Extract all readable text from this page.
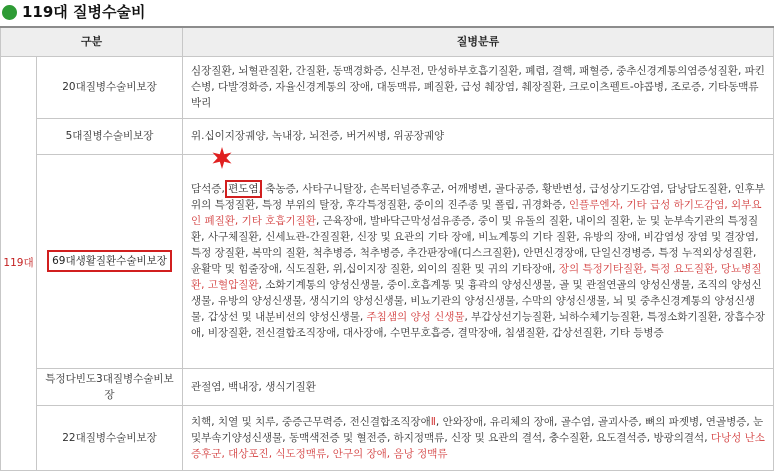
119대 질병수술비
구분		질병분류
119대	20대질병수술비보장	심장질환, 뇌혈관질환, 간질환, 동맥경화증, 신부전, 만성하부호흡기질환, 폐렴, 결핵, 패혈증, 중추신경계통의염증성질환, 파킨슨병, 다발경화증, 자율신경계통의 장애, 대동맥류, 폐질환, 급성 췌장염, 췌장질환, 크로이츠펠트-야콥병, 조로증, 기타동맥류 박리
	5대질병수술비보장	위.십이지장궤양, 녹내장, 뇌전증, 버거씨병, 위공장궤양
	69대생활질환수술비보장	담석증, 편도염, 축농증, 사타구니탈장, 손목터널증후군, 어깨병변, 골다공증, 황반변성, 급성상기도감염, 담낭담도질환, 인후부위의 특정질환, 특정 부위의 탈장, 후각특정질환, 중이의 진주종 및 폴립, 귀경화증, 인플루엔자, 기타 급성 하기도감염, 외부요인 폐질환, 기타 호흡기질환, 근육장애, 발바닥근막성섬유종증, 중이 및 유돌의 질환, 내이의 질환, 눈 및 눈부속기관의 특정질환, 사구체질환, 신세뇨관-간질질환, 신장 및 요관의 기타 장애, 비뇨계통의 기타 질환, 유방의 장애, 비감염성 장염 및 결장염, 특정 장질환, 복막의 질환, 척추병증, 척추병증, 추간판장애(디스크질환), 안면신경장애, 단일신경병증, 특정 누적외상성질환, 윤활막 및 힘줄장애, 식도질환, 위,십이지장 질환, 외이의 질환 및 귀의 기타장애, 장의 특정기타질환, 특정 요도질환, 당뇨병질환, 고혈압질환, 소화기계통의 양성신생물, 중이.호흡계통 및 흉곽의 양성신생물, 골 및 관절연골의 양성신생물, 조직의 양성신생물, 유방의 양성신생물, 생식기의 양성신생물, 비뇨기관의 양성신생물, 수막의 양성신생물, 뇌 및 중추신경계통의 양성신생물, 갑상선 및 내분비선의 양성신생물, 주침샘의 양성 신생물, 부갑상선기능질환, 뇌하수체기능질환, 특정소화기질환, 장흡수장애, 비장질환, 전신결합조직장애, 대사장애, 수면무호흡증, 결막장애, 침샘질환, 갑상선질환, 기타 등병증
	특정다빈도3대질병수술비보장	관절염, 백내장, 생식기질환
	22대질병수술비보장	치핵, 치열 및 치루, 중증근무력증, 전신결합조직장애Ⅱ, 안와장애, 유리체의 장애, 골수염, 골괴사증, 뼈의 파젯병, 연골병증, 눈및부속기양성신생물, 동맥색전증 및 혈전증, 하지정맥류, 신장 및 요관의 결석, 충수질환, 요도결석증, 방광의결석, 다낭성 난소증후군, 대상포진, 식도정맥류, 안구의 장애, 음낭 정맥류
